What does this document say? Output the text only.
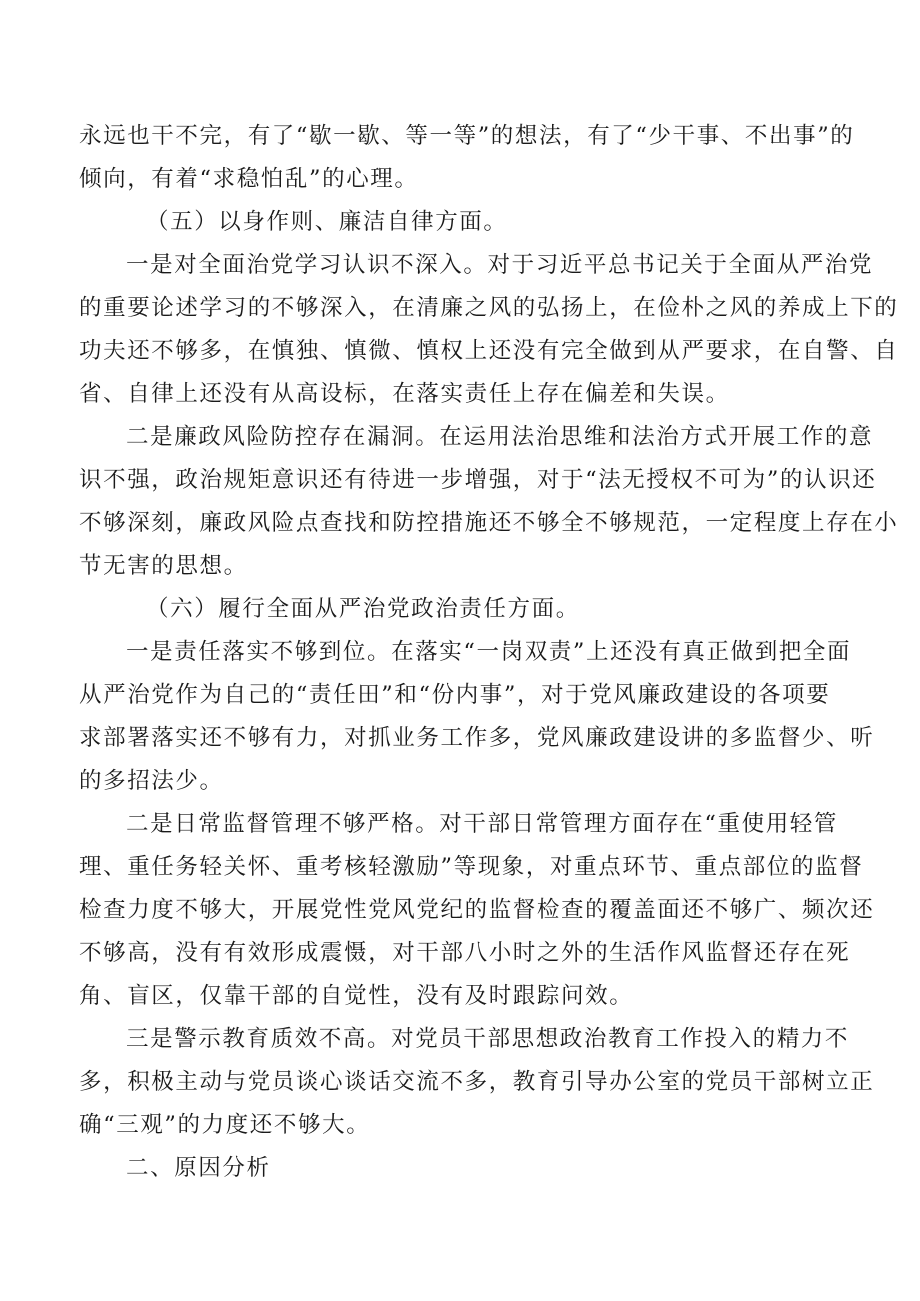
永远也干不完，有了“歇一歇、等一等”的想法，有了“少干事、不出事”的
倾向，有着“求稳怕乱”的心理。
（五）以身作则、廉洁自律方面。
一是对全面治党学习认识不深入。对于习近平总书记关于全面从严治党
的重要论述学习的不够深入，在清廉之风的弘扬上，在俭朴之风的养成上下的
功夫还不够多，在慎独、慎微、慎权上还没有完全做到从严要求，在自警、自
省、自律上还没有从高设标，在落实责任上存在偏差和失误。
二是廉政风险防控存在漏洞。在运用法治思维和法治方式开展工作的意
识不强，政治规矩意识还有待进一步增强，对于“法无授权不可为”的认识还
不够深刻，廉政风险点查找和防控措施还不够全不够规范，一定程度上存在小
节无害的思想。
（六）履行全面从严治党政治责任方面。
一是责任落实不够到位。在落实“一岗双责”上还没有真正做到把全面
从严治党作为自己的“责任田”和“份内事”，对于党风廉政建设的各项要
求部署落实还不够有力，对抓业务工作多，党风廉政建设讲的多监督少、听
的多招法少。
二是日常监督管理不够严格。对干部日常管理方面存在“重使用轻管
理、重任务轻关怀、重考核轻激励”等现象，对重点环节、重点部位的监督
检查力度不够大，开展党性党风党纪的监督检查的覆盖面还不够广、频次还
不够高，没有有效形成震慑，对干部八小时之外的生活作风监督还存在死
角、盲区，仅靠干部的自觉性，没有及时跟踪问效。
三是警示教育质效不高。对党员干部思想政治教育工作投入的精力不
多，积极主动与党员谈心谈话交流不多，教育引导办公室的党员干部树立正
确“三观”的力度还不够大。
二、原因分析
